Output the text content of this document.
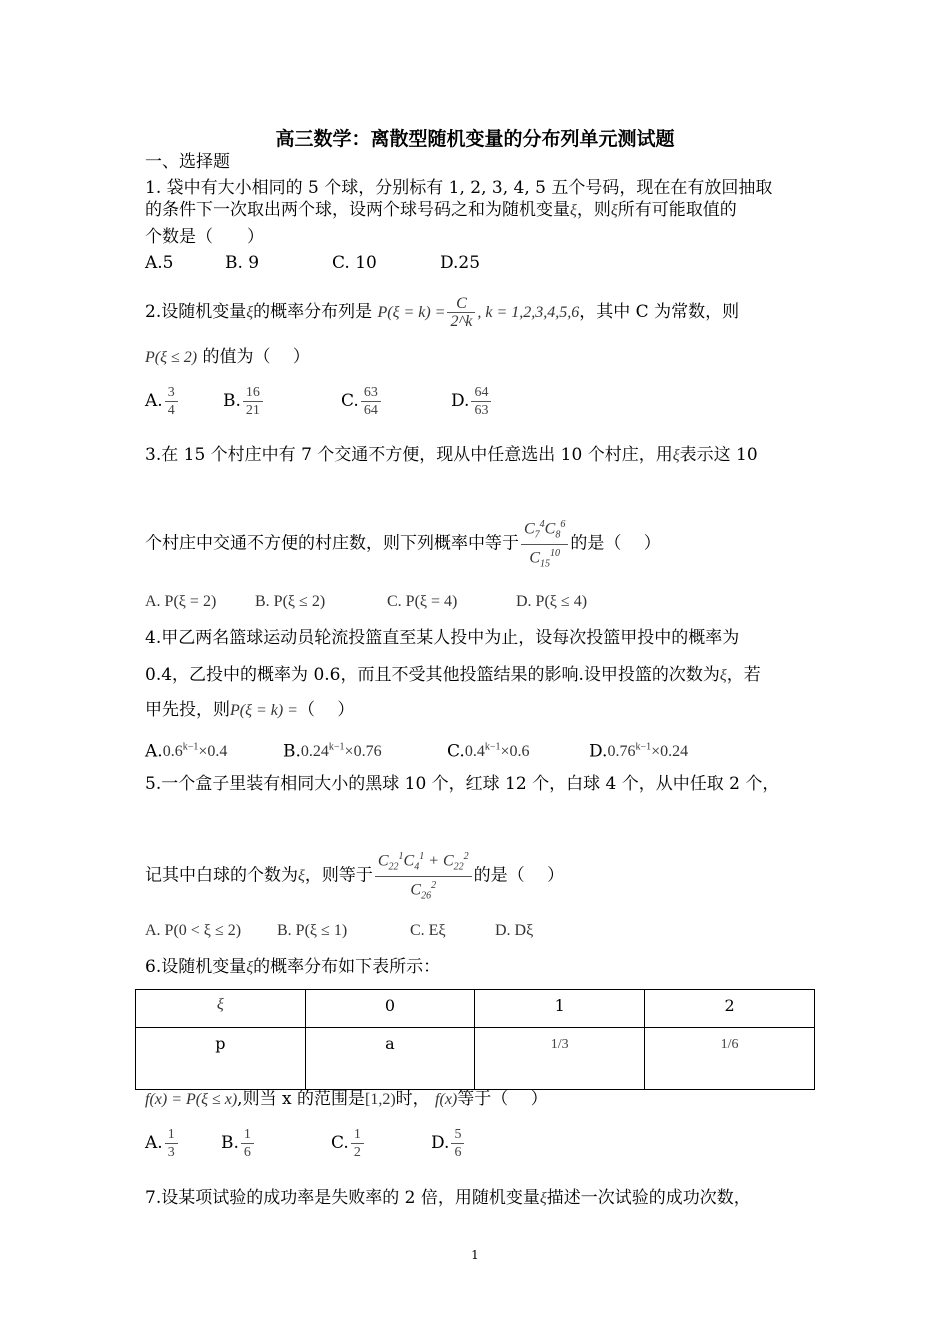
高三数学：离散型随机变量的分布列单元测试题
一、选择题
1. 袋中有大小相同的 5 个球，分别标有 1, 2, 3, 4, 5 五个号码，现在在有放回抽取
的条件下一次取出两个球，设两个球号码之和为随机变量ξ，则ξ所有可能取值的
个数是（　　）
A.5	B. 9	C. 10	D.25
2.设随机变量ξ的概率分布列是 $P(\xi = k) = \frac{C}{2\^{}k}$ , k = 1,2,3,4,5,6，其中 C 为常数，则
P(ξ ≤ 2) 的值为（　 ）
A. $\frac{3}{4}$	B. $\frac{16}{21}$	C. $\frac{63}{64}$	D. $\frac{64}{63}$
3.在 15 个村庄中有 7 个交通不方便，现从中任意选出 10 个村庄，用ξ表示这 10
个村庄中交通不方便的村庄数，则下列概率中等于 $\frac{C_7^4C_8^6}{C_{15}^{10}}$ 的是（　 ）
A. P(ξ = 2) B. P(ξ ≤ 2)	C. P(ξ = 4)	D. P(ξ ≤ 4)
4.甲乙两名篮球运动员轮流投篮直至某人投中为止，设每次投篮甲投中的概率为
0.4，乙投中的概率为 0.6，而且不受其他投篮结果的影响.设甲投篮的次数为ξ，若
甲先投，则P(ξ = k) =（　 ）
$A.0.6^{k-1}\times 0.4$	$B.0.24^{k-1}\times 0.76$	$C.0.4^{k-1}\times 0.6$	$D.0.76^{k-1}\times 0.24$
5.一个盒子里装有相同大小的黑球 10 个，红球 12 个，白球 4 个，从中任取 2 个，
记其中白球的个数为ξ，则等于 $\frac{C_{22}^1C_4^1 + C_{22}^2}{C_{26}^2}$ 的是（　 ）
A. P(0 < ξ ≤ 2) B. P(ξ ≤ 1)	C. Eξ	D. Dξ
6.设随机变量ξ的概率分布如下表所示：
ξ	0	1	2
p	a	1/3	1/6
f(x) = P(ξ ≤ x),则当 x 的范围是[1,2)时， f(x)等于（　 ）
A. $\frac{1}{3}$	B. $\frac{1}{6}$	C. $\frac{1}{2}$	D. $\frac{5}{6}$
7.设某项试验的成功率是失败率的 2 倍，用随机变量ξ描述一次试验的成功次数，
1
